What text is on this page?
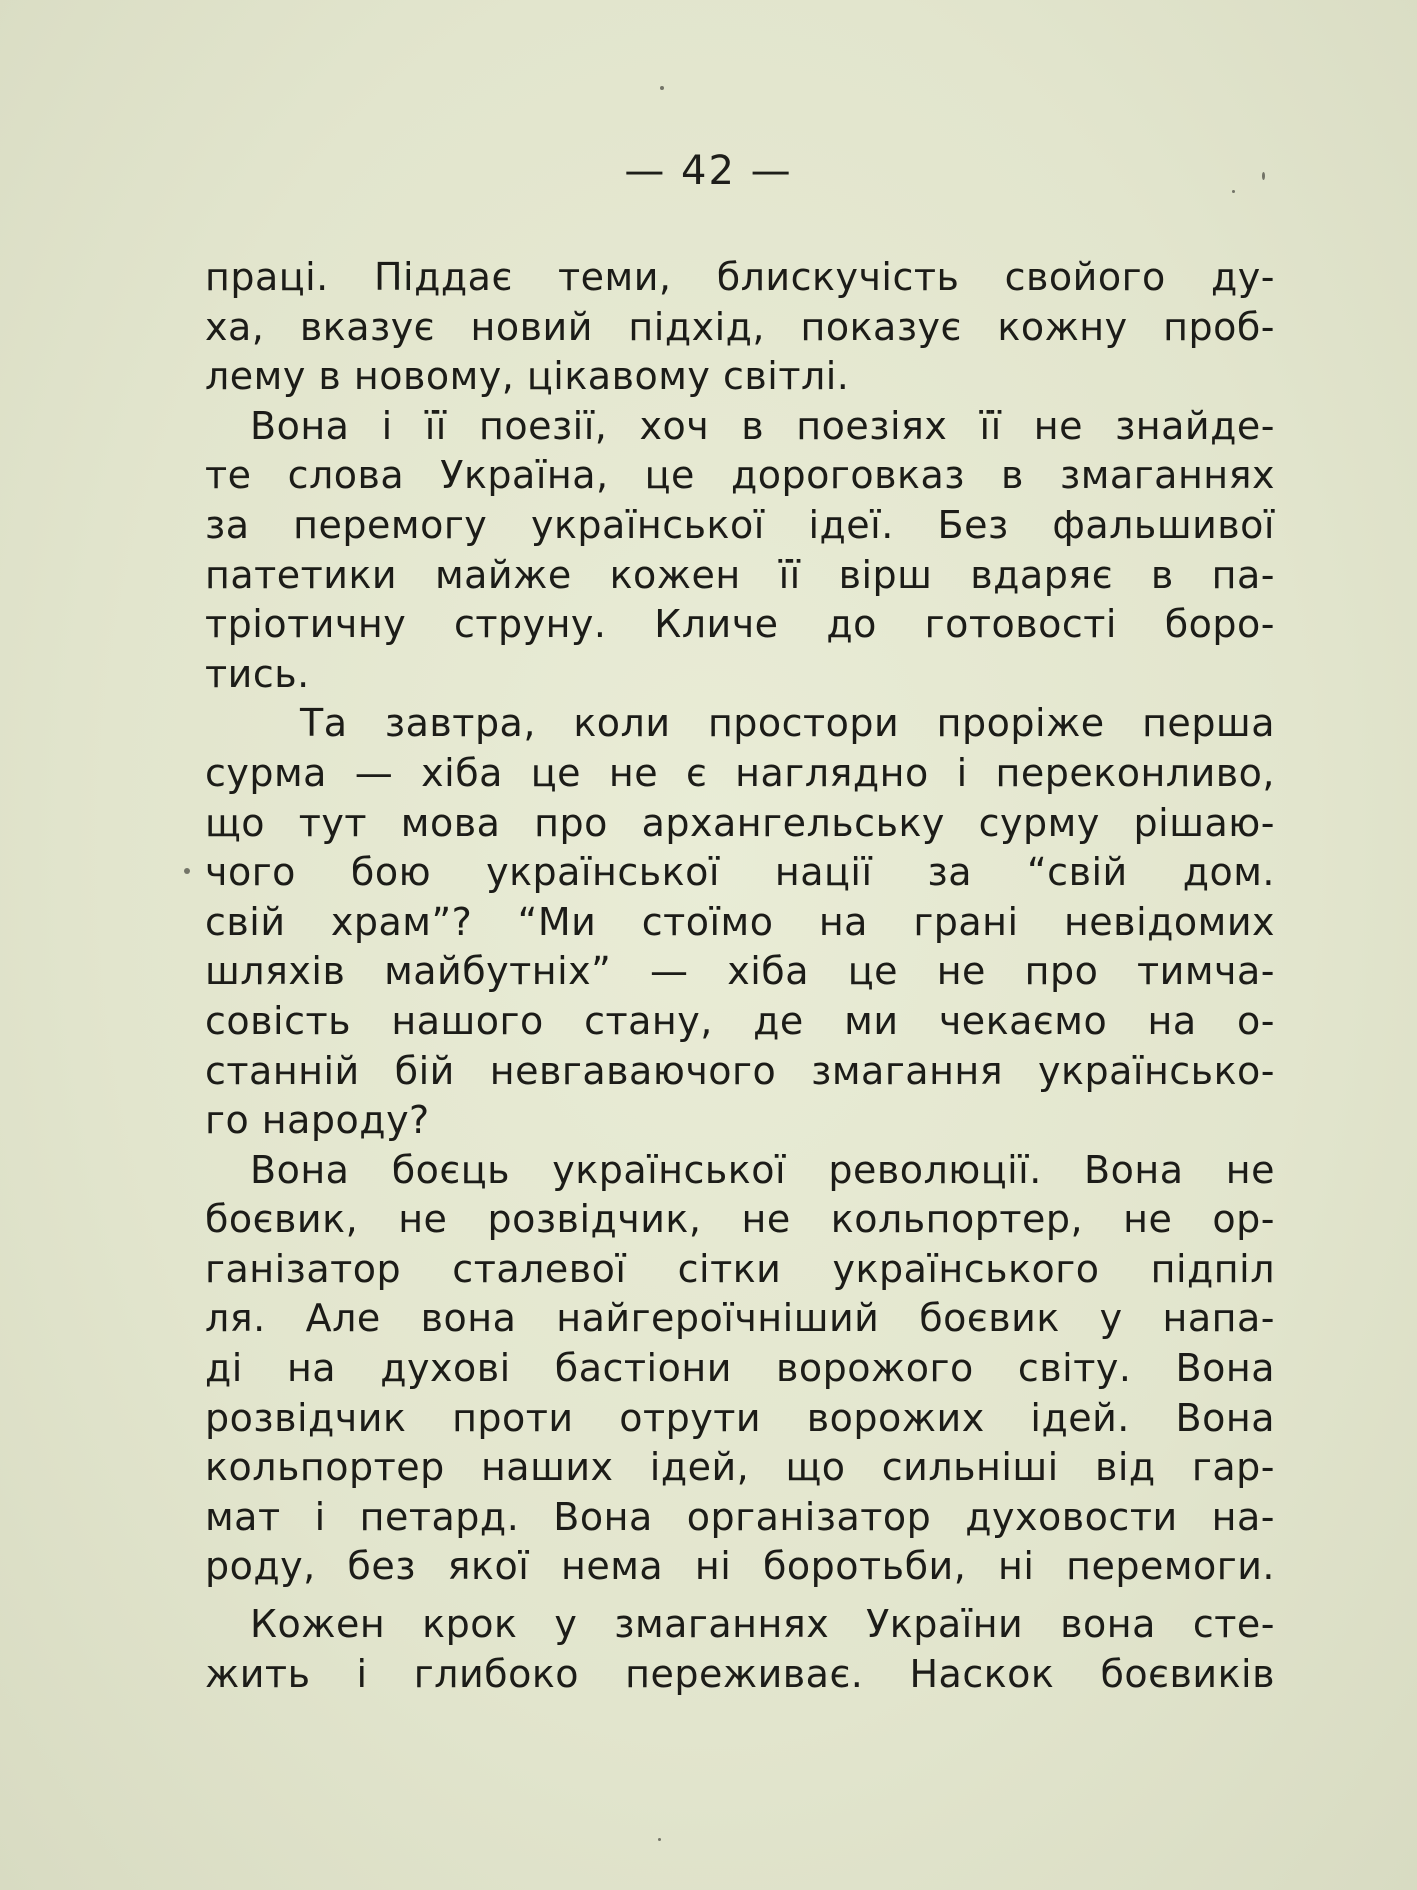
— 42 —
праці. Піддає теми, блискучість свойого ду-
ха, вказує новий підхід, показує кожну проб-
лему в новому, цікавому світлі.
Вона і її поезії, хоч в поезіях її не знайде-
те слова Україна, це дороговказ в змаганнях
за перемогу української ідеї. Без фальшивої
патетики майже кожен її вірш вдаряє в па-
тріотичну струну. Кличе до готовості боро-
тись.
Та завтра, коли простори проріже перша
сурма — хіба це не є наглядно і переконливо,
що тут мова про архангельську сурму рішаю-
чого бою української нації за “свій дом.
свій храм”? “Ми стоїмо на грані невідомих
шляхів майбутніх” — хіба це не про тимча-
совість нашого стану, де ми чекаємо на о-
станній бій невгаваючого змагання українсько-
го народу?
Вона боєць української революції. Вона не
боєвик, не розвідчик, не кольпортер, не ор-
ганізатор сталевої сітки українського підпіл
ля. Але вона найгероїчніший боєвик у напа-
ді на духові бастіони ворожого світу. Вона
розвідчик проти отрути ворожих ідей. Вона
кольпортер наших ідей, що сильніші від гар-
мат і петард. Вона організатор духовости на-
роду, без якої нема ні боротьби, ні перемоги.
Кожен крок у змаганнях України вона сте-
жить і глибоко переживає. Наскок боєвиків
